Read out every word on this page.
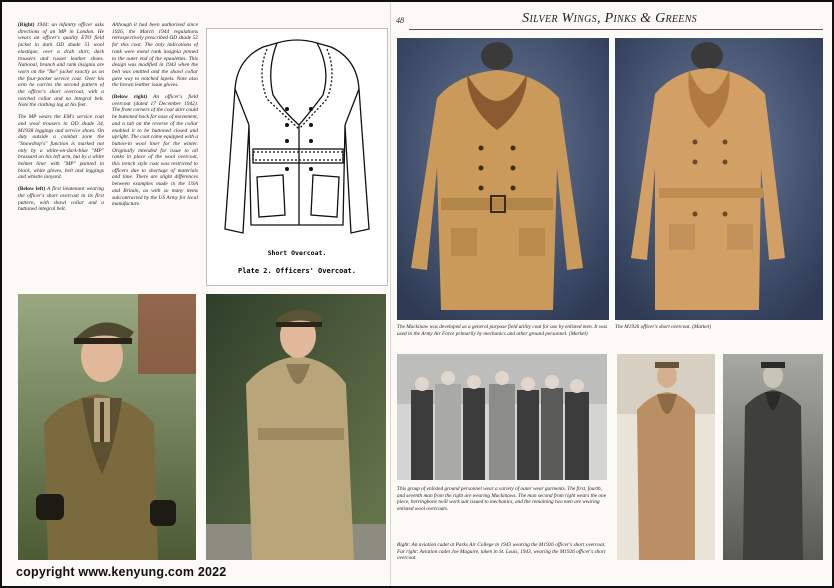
(Right) 1944: an infantry officer asks directions of an MP in London. He wears an officer's quality ETO field jacket in dark OD shade 51 wool elastique, over a drab shirt, dark trousers and russet leather shoes. National, branch and rank insignia are worn on the "Ike" jacket exactly as on the four-pocket service coat. Over his arm he carries the second pattern of the officer's short overcoat, with a notched collar and no integral belt. Note the clothing tag at his feet.

The MP wears the EM's service coat and wool trousers in OD shade 34, M1938 leggings and service shoes. On duty outside a combat zone the "Snowdrop's" function is marked not only by a white-on-dark-blue "MP" brassard on his left arm, but by a white helmet liner with "MP" painted in black, white gloves, belt and leggings and whistle lanyard.

(Below left) A first lieutenant wearing the officer's short overcoat in its first pattern, with shawl collar and a buttoned integral belt.

Although it had been authorised since 1926, the March 1944 regulations retrospectively prescribed OD shade 52 for this coat. The only indications of rank were metal rank insignia pinned to the outer end of the epaulettes. This design was modified in 1943 when the belt was omitted and the shawl collar gave way to notched lapels. Note also the brown leather issue gloves.

(Below right) An officer's field overcoat (dated 17 December 1942). The front corners of the coat skirt could be buttoned back for ease of movement, and a tab on the reverse of the collar enabled it to be buttoned closed and upright. The coat came equipped with a button-in wool liner for the winter. Originally intended for issue to all ranks in place of the wool overcoat, this trench style coat was restricted to officers due to shortage of materials and time. There are slight differences between examples made in the USA and Britain, as with so many items subcontracted by the US Army for local manufacture.

Short Overcoat.
Plate 2. Officers' Overcoat.
48	Silver Wings, Pinks & Greens
The Mackinaw was developed as a general purpose field utility coat for use by enlisted men. It was used in the Army Air Force primarily by mechanics and other ground personnel. (Markel)
The M1926 officer's short overcoat. (Markel)
This group of enlisted ground personnel wear a variety of outer wear garments. The first, fourth, and seventh man from the right are wearing Mackinaws. The man second from right wears the one piece, herringbone twill work suit issued to mechanics, and the remaining two men are wearing enlisted wool overcoats.
Right: An aviation cadet at Parks Air College in 1943 wearing the M1926 officer's short overcoat. Far right: Aviation cadet Joe Maguire, taken in St. Louis, 1943, wearing the M1926 officer's short overcoat.
copyright www.kenyung.com 2022
